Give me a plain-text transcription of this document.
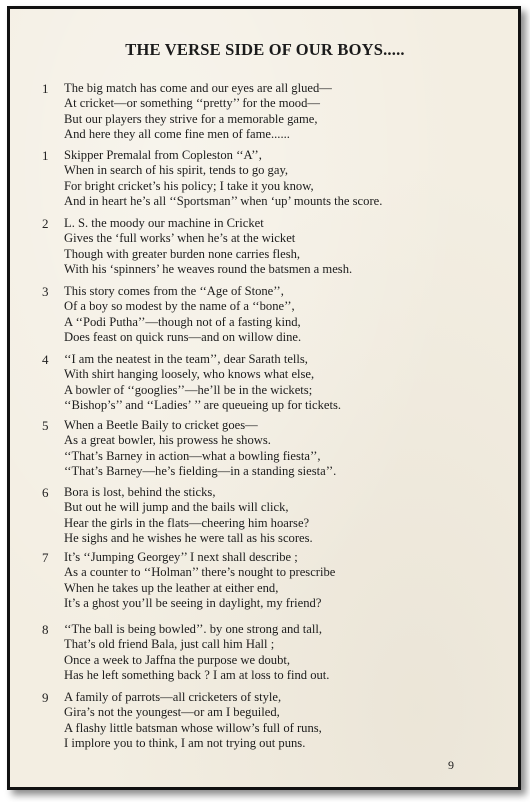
THE VERSE SIDE OF OUR BOYS.....
1	The big match has come and our eyes are all glued—
At cricket—or something ‘‘pretty’’ for the mood—
But our players they strive for a memorable game,
And here they all come fine men of fame......
1	Skipper Premalal from Copleston ‘‘A’’,
When in search of his spirit, tends to go gay,
For bright cricket’s his policy; I take it you know,
And in heart he’s all ‘‘Sportsman’’ when ‘up’ mounts the score.
2	L. S. the moody our machine in Cricket
Gives the ‘full works’ when he’s at the wicket
Though with greater burden none carries flesh,
With his ‘spinners’ he weaves round the batsmen a mesh.
3	This story comes from the ‘‘Age of Stone’’,
Of a boy so modest by the name of a ‘‘bone’’,
A ‘‘Podi Putha’’—though not of a fasting kind,
Does feast on quick runs—and on willow dine.
4	‘‘I am the neatest in the team’’, dear Sarath tells,
With shirt hanging loosely, who knows what else,
A bowler of ‘‘googlies’’—he’ll be in the wickets;
‘‘Bishop’s’’ and ‘‘Ladies’ ’’ are queueing up for tickets.
5	When a Beetle Baily to cricket goes—
As a great bowler, his prowess he shows.
‘‘That’s Barney in action—what a bowling fiesta’’,
‘‘That’s Barney—he’s fielding—in a standing siesta’’.
6	Bora is lost, behind the sticks,
But out he will jump and the bails will click,
Hear the girls in the flats—cheering him hoarse?
He sighs and he wishes he were tall as his scores.
7	It’s ‘‘Jumping Georgey’’ I next shall describe ;
As a counter to ‘‘Holman’’ there’s nought to prescribe
When he takes up the leather at either end,
It’s a ghost you’ll be seeing in daylight, my friend?
8	‘‘The ball is being bowled’’. by one strong and tall,
That’s old friend Bala, just call him Hall ;
Once a week to Jaffna the purpose we doubt,
Has he left something back ? I am at loss to find out.
9	A family of parrots—all cricketers of style,
Gira’s not the youngest—or am I beguiled,
A flashy little batsman whose willow’s full of runs,
I implore you to think, I am not trying out puns.
9
